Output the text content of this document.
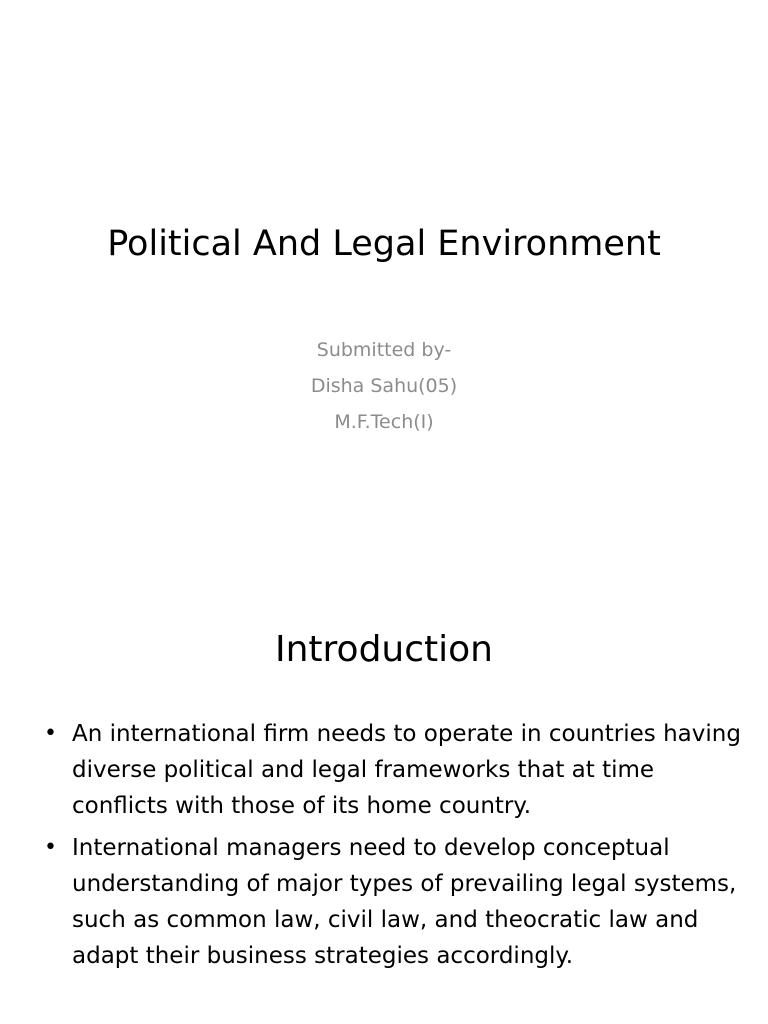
Political And Legal Environment
Submitted by-
Disha Sahu(05)
M.F.Tech(I)
Introduction
• An international firm needs to operate in countries having diverse political and legal frameworks that at time conflicts with those of its home country.
• International managers need to develop conceptual understanding of major types of prevailing legal systems, such as common law, civil law, and theocratic law and adapt their business strategies accordingly.
